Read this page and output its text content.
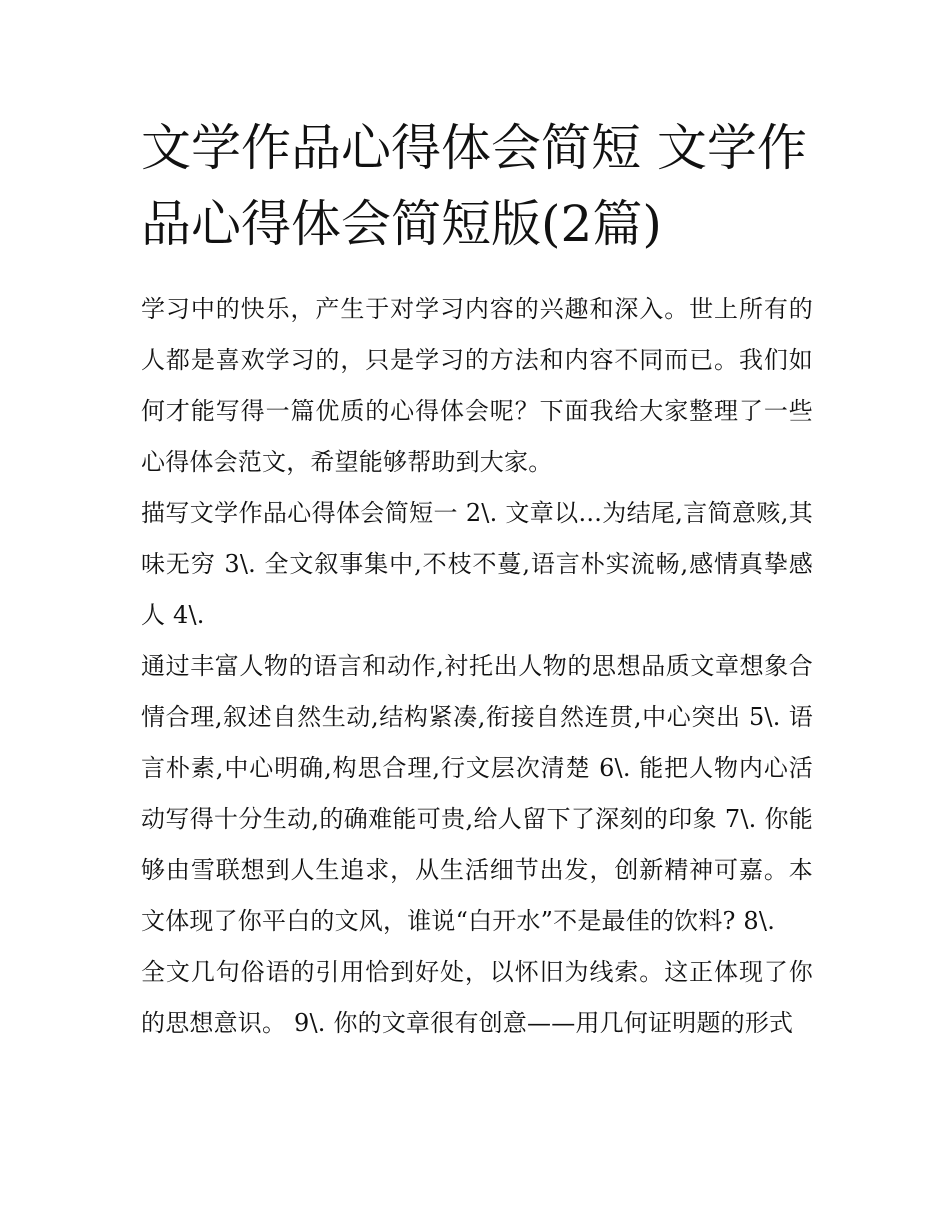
文学作品心得体会简短 文学作品心得体会简短版(2篇)

学习中的快乐，产生于对学习内容的兴趣和深入。世上所有的人都是喜欢学习的，只是学习的方法和内容不同而已。我们如何才能写得一篇优质的心得体会呢？下面我给大家整理了一些心得体会范文，希望能够帮助到大家。

描写文学作品心得体会简短一 2\. 文章以...为结尾,言简意赅,其味无穷 3\. 全文叙事集中,不枝不蔓,语言朴实流畅,感情真挚感人 4\.

通过丰富人物的语言和动作,衬托出人物的思想品质文章想象合情合理,叙述自然生动,结构紧凑,衔接自然连贯,中心突出 5\. 语言朴素,中心明确,构思合理,行文层次清楚 6\. 能把人物内心活动写得十分生动,的确难能可贵,给人留下了深刻的印象 7\. 你能够由雪联想到人生追求，从生活细节出发，创新精神可嘉。本文体现了你平白的文风，谁说“白开水”不是最佳的饮料? 8\.

全文几句俗语的引用恰到好处，以怀旧为线索。这正体现了你的思想意识。 9\. 你的文章很有创意——用几何证明题的形式
